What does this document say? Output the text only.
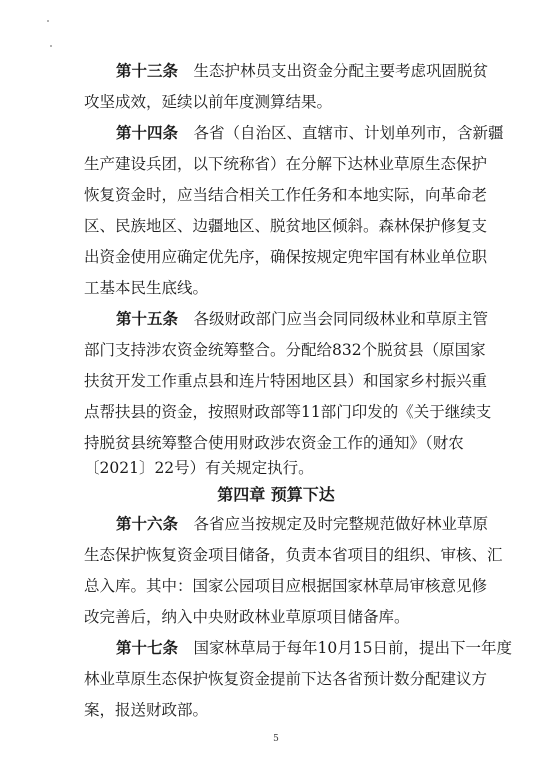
第十三条  生态护林员支出资金分配主要考虑巩固脱贫
攻坚成效，延续以前年度测算结果。
第十四条  各省（自治区、直辖市、计划单列市，含新疆
生产建设兵团，以下统称省）在分解下达林业草原生态保护
恢复资金时，应当结合相关工作任务和本地实际，向革命老
区、民族地区、边疆地区、脱贫地区倾斜。森林保护修复支
出资金使用应确定优先序，确保按规定兜牢国有林业单位职
工基本民生底线。
第十五条  各级财政部门应当会同同级林业和草原主管
部门支持涉农资金统筹整合。分配给832个脱贫县（原国家
扶贫开发工作重点县和连片特困地区县）和国家乡村振兴重
点帮扶县的资金，按照财政部等11部门印发的《关于继续支
持脱贫县统筹整合使用财政涉农资金工作的通知》（财农
〔2021〕22号）有关规定执行。
第四章 预算下达
第十六条  各省应当按规定及时完整规范做好林业草原
生态保护恢复资金项目储备，负责本省项目的组织、审核、汇
总入库。其中：国家公园项目应根据国家林草局审核意见修
改完善后，纳入中央财政林业草原项目储备库。
第十七条  国家林草局于每年10月15日前，提出下一年度
林业草原生态保护恢复资金提前下达各省预计数分配建议方
案，报送财政部。
5
